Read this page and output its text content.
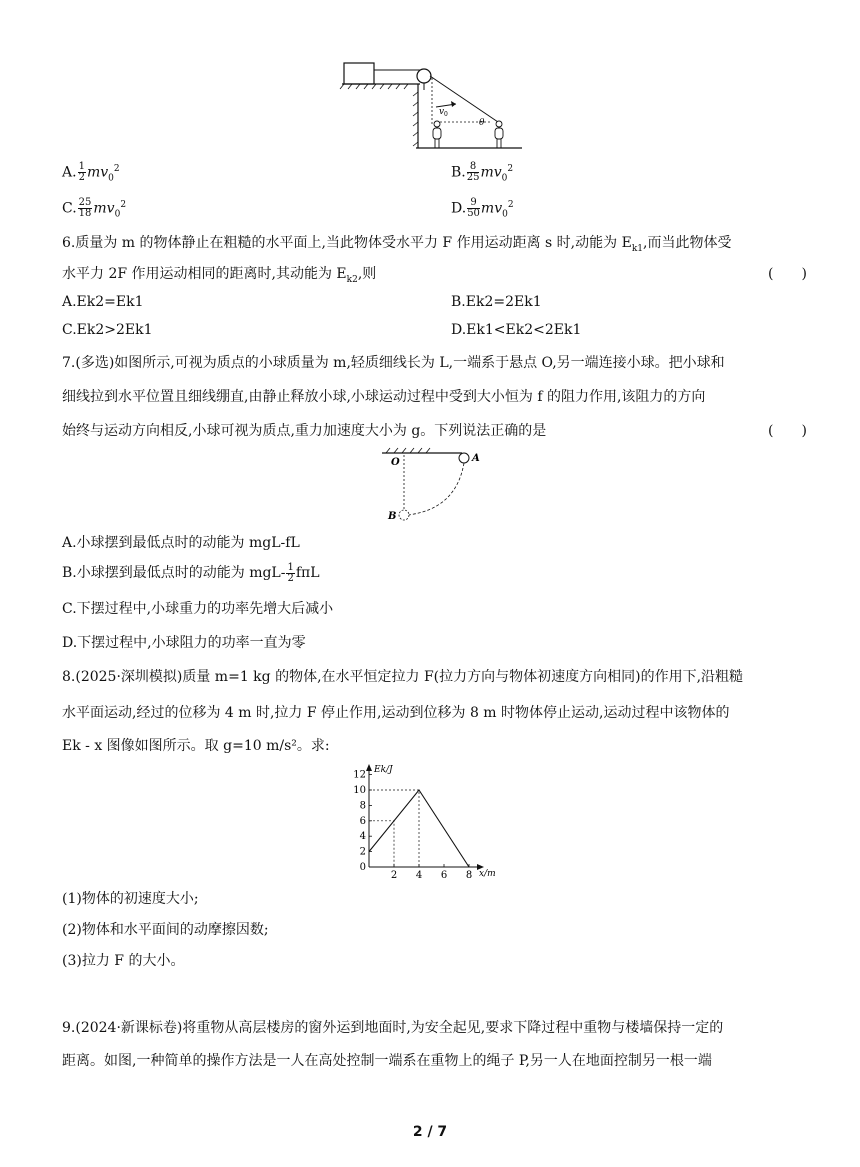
v 0
θ
A. $\frac{1}{2} mv_0^2$	B. $\frac{8}{25} mv_0^2$
C. $\frac{25}{18} mv_0^2$	D. $\frac{9}{50} mv_0^2$
6.质量为 m 的物体静止在粗糙的水平面上,当此物体受水平力 F 作用运动距离 s 时,动能为 $E_{k1}$,而当此物体受
水平力 2F 作用运动相同的距离时,其动能为 $E_{k2}$,则	(　　)
A.Ek2=Ek1	B.Ek2=2Ek1
C.Ek2>2Ek1	D.Ek1<Ek2<2Ek1
7.(多选)如图所示,可视为质点的小球质量为 m,轻质细线长为 L,一端系于悬点 O,另一端连接小球。把小球和
细线拉到水平位置且细线绷直,由静止释放小球,小球运动过程中受到大小恒为 f 的阻力作用,该阻力的方向
始终与运动方向相反,小球可视为质点,重力加速度大小为 g。下列说法正确的是	(　　)
O	A
B
A.小球摆到最低点时的动能为 mgL-fL
B.小球摆到最低点时的动能为 $mgL- \frac{1}{2}$ fπL
C.下摆过程中,小球重力的功率先增大后减小
D.下摆过程中,小球阻力的功率一直为零
8.(2025·深圳模拟)质量 m=1 kg 的物体,在水平恒定拉力 F(拉力方向与物体初速度方向相同)的作用下,沿粗糙
水平面运动,经过的位移为 4 m 时,拉力 F 停止作用,运动到位移为 8 m 时物体停止运动,运动过程中该物体的
Ek - x 图像如图所示。取 g=10 m/s²。求:
Ek/J
x/m
0
2
4
6
8
10
12
2 4 6 8
(1)物体的初速度大小;
(2)物体和水平面间的动摩擦因数;
(3)拉力 F 的大小。
9.(2024·新课标卷)将重物从高层楼房的窗外运到地面时,为安全起见,要求下降过程中重物与楼墙保持一定的
距离。如图,一种简单的操作方法是一人在高处控制一端系在重物上的绳子 P,另一人在地面控制另一根一端
2 / 7
